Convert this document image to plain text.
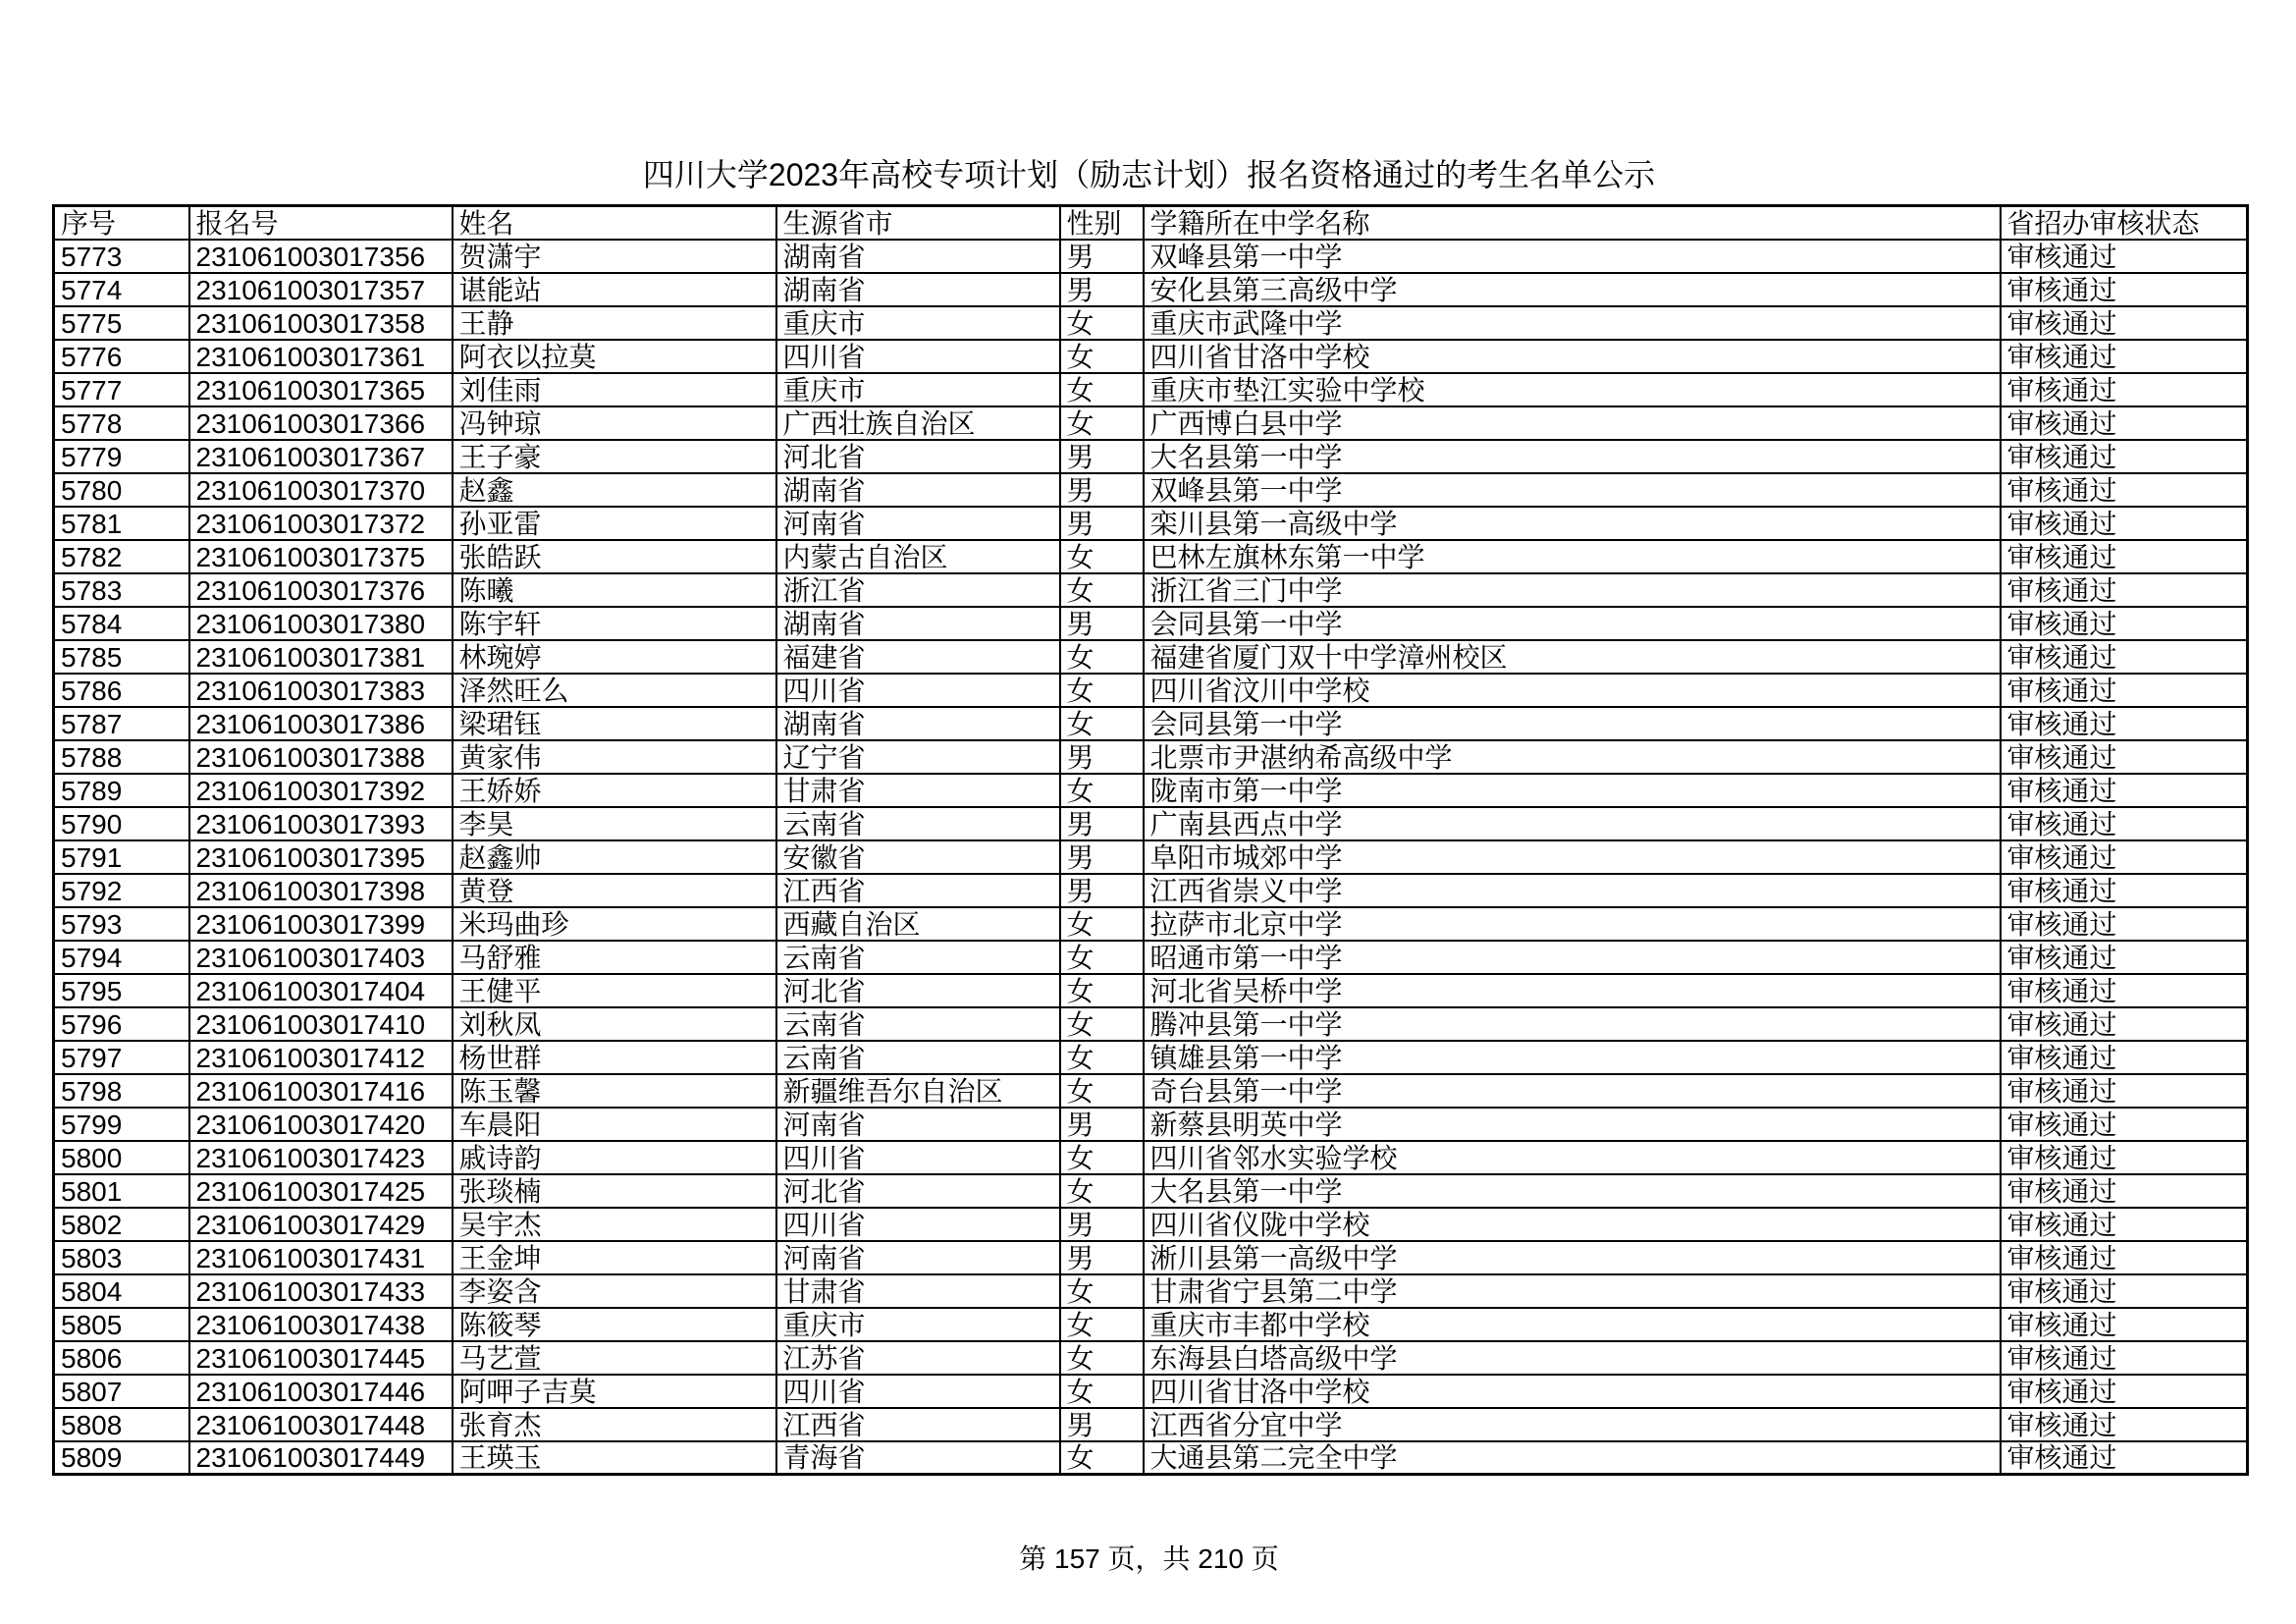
四川大学2023年高校专项计划（励志计划）报名资格通过的考生名单公示
序号	报名号	姓名	生源省市	性别	学籍所在中学名称	省招办审核状态
5773	231061003017356	贺潇宇	湖南省	男	双峰县第一中学	审核通过
5774	231061003017357	谌能站	湖南省	男	安化县第三高级中学	审核通过
5775	231061003017358	王静	重庆市	女	重庆市武隆中学	审核通过
5776	231061003017361	阿衣以拉莫	四川省	女	四川省甘洛中学校	审核通过
5777	231061003017365	刘佳雨	重庆市	女	重庆市垫江实验中学校	审核通过
5778	231061003017366	冯钟琼	广西壮族自治区	女	广西博白县中学	审核通过
5779	231061003017367	王子豪	河北省	男	大名县第一中学	审核通过
5780	231061003017370	赵鑫	湖南省	男	双峰县第一中学	审核通过
5781	231061003017372	孙亚雷	河南省	男	栾川县第一高级中学	审核通过
5782	231061003017375	张皓跃	内蒙古自治区	女	巴林左旗林东第一中学	审核通过
5783	231061003017376	陈曦	浙江省	女	浙江省三门中学	审核通过
5784	231061003017380	陈宇轩	湖南省	男	会同县第一中学	审核通过
5785	231061003017381	林琬婷	福建省	女	福建省厦门双十中学漳州校区	审核通过
5786	231061003017383	泽然旺么	四川省	女	四川省汶川中学校	审核通过
5787	231061003017386	梁珺钰	湖南省	女	会同县第一中学	审核通过
5788	231061003017388	黄家伟	辽宁省	男	北票市尹湛纳希高级中学	审核通过
5789	231061003017392	王娇娇	甘肃省	女	陇南市第一中学	审核通过
5790	231061003017393	李昊	云南省	男	广南县西点中学	审核通过
5791	231061003017395	赵鑫帅	安徽省	男	阜阳市城郊中学	审核通过
5792	231061003017398	黄登	江西省	男	江西省崇义中学	审核通过
5793	231061003017399	米玛曲珍	西藏自治区	女	拉萨市北京中学	审核通过
5794	231061003017403	马舒雅	云南省	女	昭通市第一中学	审核通过
5795	231061003017404	王健平	河北省	女	河北省吴桥中学	审核通过
5796	231061003017410	刘秋凤	云南省	女	腾冲县第一中学	审核通过
5797	231061003017412	杨世群	云南省	女	镇雄县第一中学	审核通过
5798	231061003017416	陈玉馨	新疆维吾尔自治区	女	奇台县第一中学	审核通过
5799	231061003017420	车晨阳	河南省	男	新蔡县明英中学	审核通过
5800	231061003017423	戚诗韵	四川省	女	四川省邻水实验学校	审核通过
5801	231061003017425	张琰楠	河北省	女	大名县第一中学	审核通过
5802	231061003017429	吴宇杰	四川省	男	四川省仪陇中学校	审核通过
5803	231061003017431	王金坤	河南省	男	淅川县第一高级中学	审核通过
5804	231061003017433	李姿含	甘肃省	女	甘肃省宁县第二中学	审核通过
5805	231061003017438	陈筱琴	重庆市	女	重庆市丰都中学校	审核通过
5806	231061003017445	马艺萱	江苏省	女	东海县白塔高级中学	审核通过
5807	231061003017446	阿呷子吉莫	四川省	女	四川省甘洛中学校	审核通过
5808	231061003017448	张育杰	江西省	男	江西省分宜中学	审核通过
5809	231061003017449	王瑛玉	青海省	女	大通县第二完全中学	审核通过
第 157 页，共 210 页
